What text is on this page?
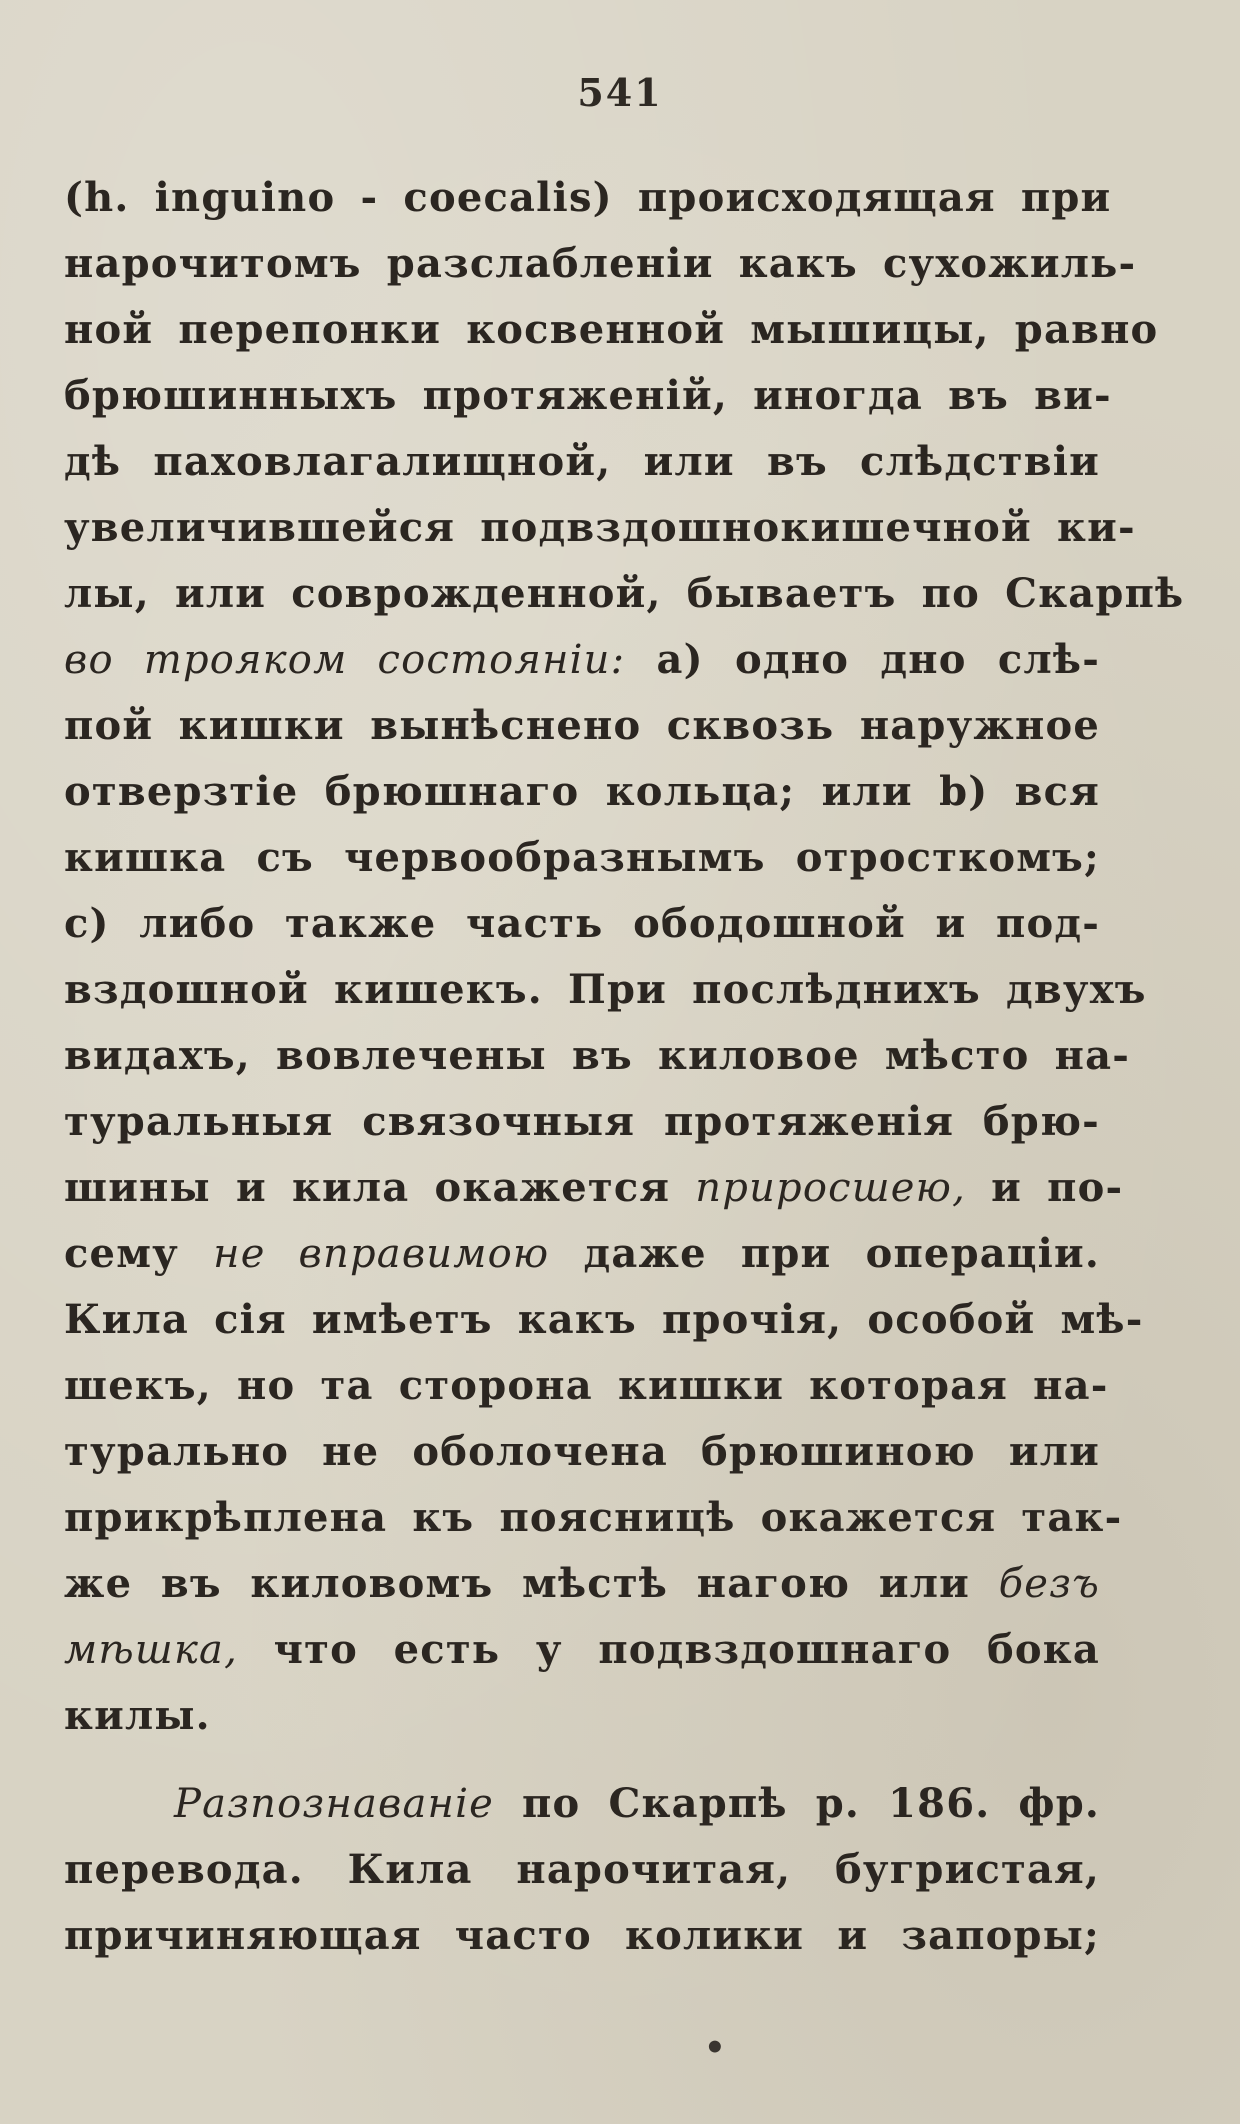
541
(h. inguino - coecalis) происходящая при
нарочитомъ разслабленіи какъ сухожиль-
ной перепонки косвенной мышицы, равно
брюшинныхъ протяженій, иногда въ ви-
дѣ паховлагалищной, или въ слѣдствіи
увеличившейся подвздошнокишечной ки-
лы, или соврожденной, бываетъ по Скарпѣ
во трояком состояніи: a) одно дно слѣ-
пой кишки вынѣснено сквозь наружное
отверзтіе брюшнаго кольца; или b) вся
кишка съ червообразнымъ отросткомъ;
c) либо также часть ободошной и под-
вздошной кишекъ. При послѣднихъ двухъ
видахъ, вовлечены въ киловое мѣсто на-
туральныя связочныя протяженія брю-
шины и кила окажется приросшею, и по-
сему не вправимою даже при операціи.
Кила сія имѣетъ какъ прочія, особой мѣ-
шекъ, но та сторона кишки которая на-
турально не оболочена брюшиною или
прикрѣплена къ поясницѣ окажется так-
же въ киловомъ мѣстѣ нагою или безъ
мѣшка, что есть у подвздошнаго бока
килы.
Разпознаваніе по Скарпѣ р. 186. фр.
перевода. Кила нарочитая, бугристая,
причиняющая часто колики и запоры;
•
